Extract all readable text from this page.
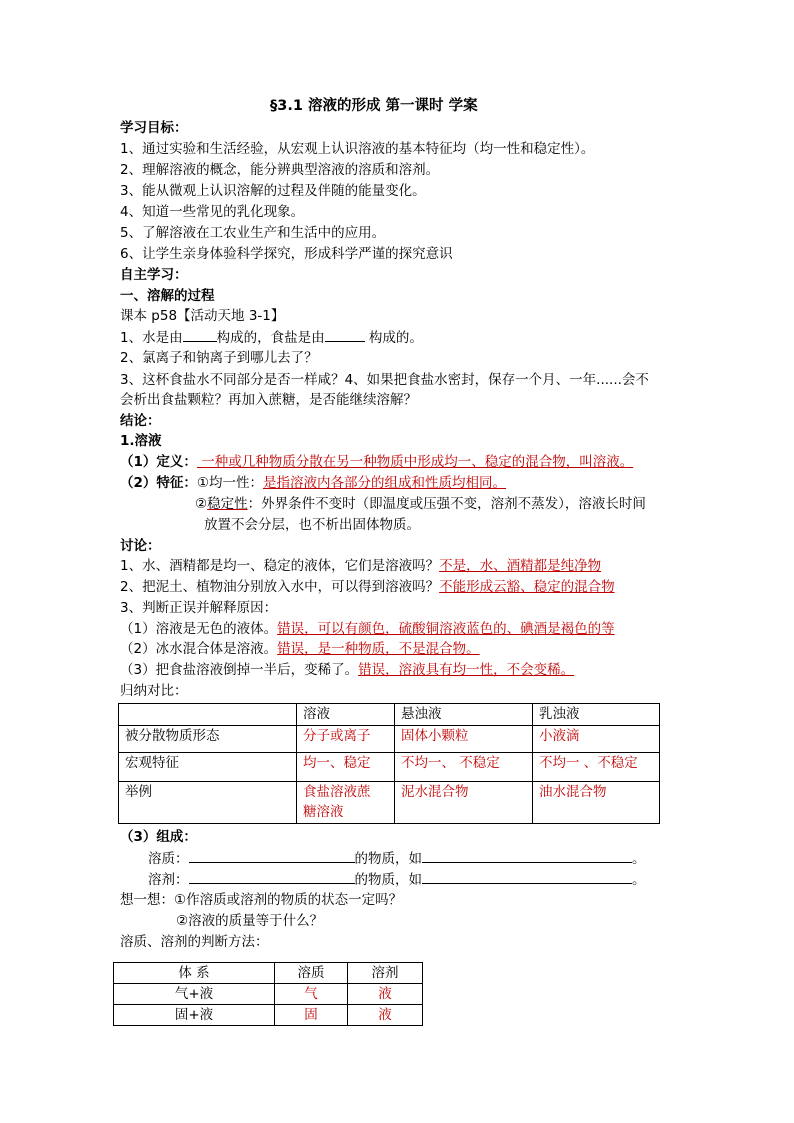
§3.1 溶液的形成 第一课时 学案
学习目标：
1、通过实验和生活经验，从宏观上认识溶液的基本特征均（均一性和稳定性）。
2、理解溶液的概念，能分辨典型溶液的溶质和溶剂。
3、能从微观上认识溶解的过程及伴随的能量变化。
4、知道一些常见的乳化现象。
5、了解溶液在工农业生产和生活中的应用。
6、让学生亲身体验科学探究，形成科学严谨的探究意识
自主学习：
一、溶解的过程
课本 p58【活动天地 3-1】
1、水是由	构成的，食盐是由	构成的。
2、氯离子和钠离子到哪儿去了？
3、这杯食盐水不同部分是否一样咸？4、如果把食盐水密封，保存一个月、一年......会不
会析出食盐颗粒？再加入蔗糖，是否能继续溶解？
结论：
1.溶液
（1）定义： 一种或几种物质分散在另一种物质中形成均一、稳定的混合物，叫溶液。
（2）特征：①均一性：是指溶液内各部分的组成和性质均相同。
②稳定性：外界条件不变时（即温度或压强不变，溶剂不蒸发），溶液长时间
放置不会分层，也不析出固体物质。
讨论：
1、水、酒精都是均一、稳定的液体，它们是溶液吗？不是，水、酒精都是纯净物
2、把泥土、植物油分别放入水中，可以得到溶液吗？不能形成云豁、稳定的混合物
3、判断正误并解释原因：
（1）溶液是无色的液体。错误，可以有颜色，硫酸铜溶液蓝色的、碘酒是褐色的等
（2）冰水混合体是溶液。错误，是一种物质，不是混合物。
（3）把食盐溶液倒掉一半后，变稀了。错误，溶液具有均一性，不会变稀。
归纳对比：
	溶液	悬浊液	乳浊液
被分散物质形态	分子或离子	固体小颗粒	小液滴
宏观特征	均一、稳定	不均一、 不稳定	不均一 、不稳定
举例	食盐溶液蔗
糖溶液	泥水混合物	油水混合物
（3）组成：
溶质：	的物质，如	。
溶剂：	的物质，如	。
想一想：①作溶质或溶剂的物质的状态一定吗？
②溶液的质量等于什么？
溶质、溶剂的判断方法：
体 系	溶质	溶剂
气+液	气	液
固+液	固	液
